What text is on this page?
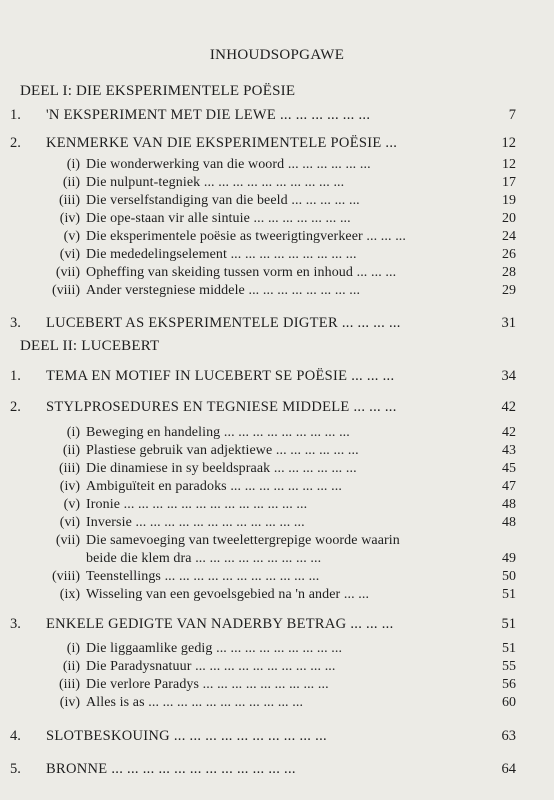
INHOUDSOPGAWE
DEEL I: DIE EKSPERIMENTELE POËSIE
1.	'N EKSPERIMENT MET DIE LEWE ... ... ... ... ... ...	7
2.	KENMERKE VAN DIE EKSPERIMENTELE POËSIE ...	12
(i) Die wonderwerking van die woord ... ... ... ... ... ...	12
(ii) Die nulpunt-tegniek ... ... ... ... ... ... ... ... ... ...	17
(iii) Die verselfstandiging van die beeld ... ... ... ... ...	19
(iv) Die ope-staan vir alle sintuie ... ... ... ... ... ... ...	20
(v) Die eksperimentele poësie as tweerigtingverkeer ... ... ...	24
(vi) Die mededelingselement ... ... ... ... ... ... ... ... ...	26
(vii) Opheffing van skeiding tussen vorm en inhoud ... ... ...	28
(viii) Ander verstegniese middele ... ... ... ... ... ... ... ...	29
3.	LUCEBERT AS EKSPERIMENTELE DIGTER ... ... ... ...	31
DEEL II: LUCEBERT
1.	TEMA EN MOTIEF IN LUCEBERT SE POËSIE ... ... ...	34
2.	STYLPROSEDURES EN TEGNIESE MIDDELE ... ... ...	42
(i) Beweging en handeling ... ... ... ... ... ... ... ... ...	42
(ii) Plastiese gebruik van adjektiewe ... ... ... ... ... ...	43
(iii) Die dinamiese in sy beeldspraak ... ... ... ... ... ...	45
(iv) Ambiguïteit en paradoks ... ... ... ... ... ... ... ...	47
(v) Ironie ... ... ... ... ... ... ... ... ... ... ... ... ...	48
(vi) Inversie ... ... ... ... ... ... ... ... ... ... ... ...	48
(vii) Die samevoeging van tweelettergrepige woorde waarin
beide die klem dra ... ... ... ... ... ... ... ... ...	49
(viii) Teenstellings ... ... ... ... ... ... ... ... ... ... ...	50
(ix) Wisseling van een gevoelsgebied na 'n ander ... ...	51
3.	ENKELE GEDIGTE VAN NADERBY BETRAG ... ... ...	51
(i) Die liggaamlike gedig ... ... ... ... ... ... ... ... ...	51
(ii) Die Paradysnatuur ... ... ... ... ... ... ... ... ... ...	55
(iii) Die verlore Paradys ... ... ... ... ... ... ... ... ...	56
(iv) Alles is as ... ... ... ... ... ... ... ... ... ... ...	60
4.	SLOTBESKOUING ... ... ... ... ... ... ... ... ... ...	63
5.	BRONNE ... ... ... ... ... ... ... ... ... ... ... ...	64
